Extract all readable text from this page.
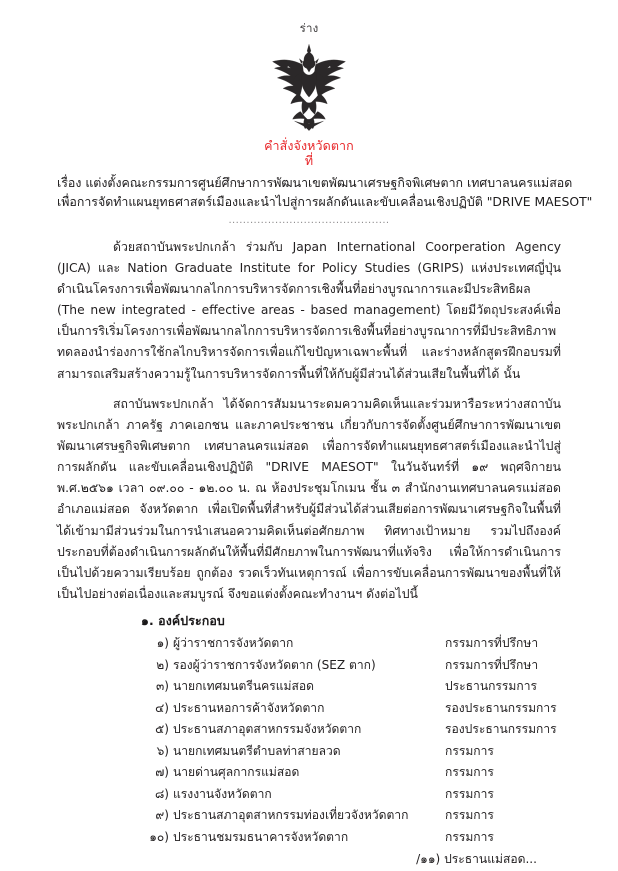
ร่าง
คำสั่งจังหวัดตาก
ที่
เรื่อง แต่งตั้งคณะกรรมการศูนย์ศึกษาการพัฒนาเขตพัฒนาเศรษฐกิจพิเศษตาก เทศบาลนครแม่สอด
เพื่อการจัดทำแผนยุทธศาสตร์เมืองและนำไปสู่การผลักดันและขับเคลื่อนเชิงปฏิบัติ "DRIVE MAESOT"
.............................................

ด้วยสถาบันพระปกเกล้า ร่วมกับ Japan International Coorperation Agency (JICA) และ Nation Graduate Institute for Policy Studies (GRIPS) แห่งประเทศญี่ปุ่น ดำเนินโครงการเพื่อพัฒนากลไกการบริหารจัดการเชิงพื้นที่อย่างบูรณาการและมีประสิทธิผล (The new integrated - effective areas - based management) โดยมีวัตถุประสงค์เพื่อเป็นการริเริ่มโครงการเพื่อพัฒนากลไกการบริหารจัดการเชิงพื้นที่อย่างบูรณาการที่มีประสิทธิภาพ ทดลองนำร่องการใช้กลไกบริหารจัดการเพื่อแก้ไขปัญหาเฉพาะพื้นที่ และร่างหลักสูตรฝึกอบรมที่สามารถเสริมสร้างความรู้ในการบริหารจัดการพื้นที่ให้กับผู้มีส่วนได้ส่วนเสียในพื้นที่ได้ นั้น

สถาบันพระปกเกล้า ได้จัดการสัมมนาระดมความคิดเห็นและร่วมหารือระหว่างสถาบันพระปกเกล้า ภาครัฐ ภาคเอกชน และภาคประชาชน เกี่ยวกับการจัดตั้งศูนย์ศึกษาการพัฒนาเขตพัฒนาเศรษฐกิจพิเศษตาก เทศบาลนครแม่สอด เพื่อการจัดทำแผนยุทธศาสตร์เมืองและนำไปสู่การผลักดัน และขับเคลื่อนเชิงปฏิบัติ "DRIVE MAESOT" ในวันจันทร์ที่ ๑๙ พฤศจิกายน พ.ศ.๒๕๖๑ เวลา ๐๙.๐๐ - ๑๒.๐๐ น. ณ ห้องประชุมโกเมน ชั้น ๓ สำนักงานเทศบาลนครแม่สอด อำเภอแม่สอด จังหวัดตาก เพื่อเปิดพื้นที่สำหรับผู้มีส่วนได้ส่วนเสียต่อการพัฒนาเศรษฐกิจในพื้นที่ ได้เข้ามามีส่วนร่วมในการนำเสนอความคิดเห็นต่อศักยภาพ ทิศทางเป้าหมาย รวมไปถึงองค์ประกอบที่ต้องดำเนินการผลักดันให้พื้นที่มีศักยภาพในการพัฒนาที่แท้จริง เพื่อให้การดำเนินการเป็นไปด้วยความเรียบร้อย ถูกต้อง รวดเร็วทันเหตุการณ์ เพื่อการขับเคลื่อนการพัฒนาของพื้นที่ให้เป็นไปอย่างต่อเนื่องและสมบูรณ์ จึงขอแต่งตั้งคณะทำงานฯ ดังต่อไปนี้

๑. องค์ประกอบ
๑) ผู้ว่าราชการจังหวัดตาก	กรรมการที่ปรึกษา
๒) รองผู้ว่าราชการจังหวัดตาก (SEZ ตาก)	กรรมการที่ปรึกษา
๓) นายกเทศมนตรีนครแม่สอด	ประธานกรรมการ
๔) ประธานหอการค้าจังหวัดตาก	รองประธานกรรมการ
๕) ประธานสภาอุตสาหกรรมจังหวัดตาก	รองประธานกรรมการ
๖) นายกเทศมนตรีตำบลท่าสายลวด	กรรมการ
๗) นายด่านศุลกากรแม่สอด	กรรมการ
๘) แรงงานจังหวัดตาก	กรรมการ
๙) ประธานสภาอุตสาหกรรมท่องเที่ยวจังหวัดตาก	กรรมการ
๑๐) ประธานชมรมธนาคารจังหวัดตาก	กรรมการ
/๑๑) ประธานแม่สอด...
